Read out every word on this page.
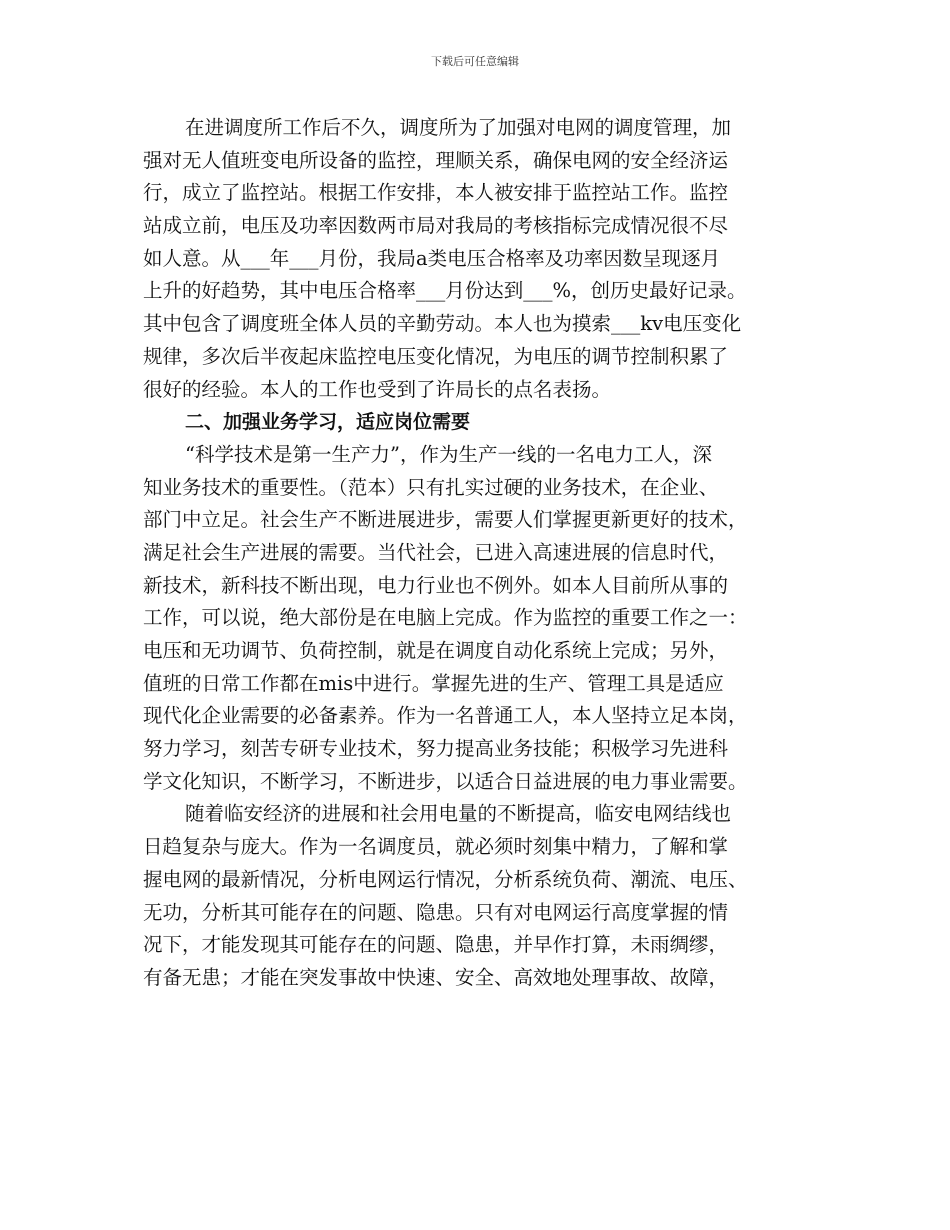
下载后可任意编辑
在进调度所工作后不久，调度所为了加强对电网的调度管理，加
强对无人值班变电所设备的监控，理顺关系，确保电网的安全经济运
行，成立了监控站。根据工作安排，本人被安排于监控站工作。监控
站成立前，电压及功率因数两市局对我局的考核指标完成情况很不尽
如人意。从___年___月份，我局a类电压合格率及功率因数呈现逐月
上升的好趋势，其中电压合格率___月份达到___%，创历史最好记录。
其中包含了调度班全体人员的辛勤劳动。本人也为摸索___kv电压变化
规律，多次后半夜起床监控电压变化情况，为电压的调节控制积累了
很好的经验。本人的工作也受到了许局长的点名表扬。
二、加强业务学习，适应岗位需要
“科学技术是第一生产力”，作为生产一线的一名电力工人，深
知业务技术的重要性。（范本）只有扎实过硬的业务技术，在企业、
部门中立足。社会生产不断进展进步，需要人们掌握更新更好的技术，
满足社会生产进展的需要。当代社会，已进入高速进展的信息时代，
新技术，新科技不断出现，电力行业也不例外。如本人目前所从事的
工作，可以说，绝大部份是在电脑上完成。作为监控的重要工作之一：
电压和无功调节、负荷控制，就是在调度自动化系统上完成；另外，
值班的日常工作都在mis中进行。掌握先进的生产、管理工具是适应
现代化企业需要的必备素养。作为一名普通工人，本人坚持立足本岗，
努力学习，刻苦专研专业技术，努力提高业务技能；积极学习先进科
学文化知识，不断学习，不断进步，以适合日益进展的电力事业需要。
随着临安经济的进展和社会用电量的不断提高，临安电网结线也
日趋复杂与庞大。作为一名调度员，就必须时刻集中精力，了解和掌
握电网的最新情况，分析电网运行情况，分析系统负荷、潮流、电压、
无功，分析其可能存在的问题、隐患。只有对电网运行高度掌握的情
况下，才能发现其可能存在的问题、隐患，并早作打算，未雨绸缪，
有备无患；才能在突发事故中快速、安全、高效地处理事故、故障，
